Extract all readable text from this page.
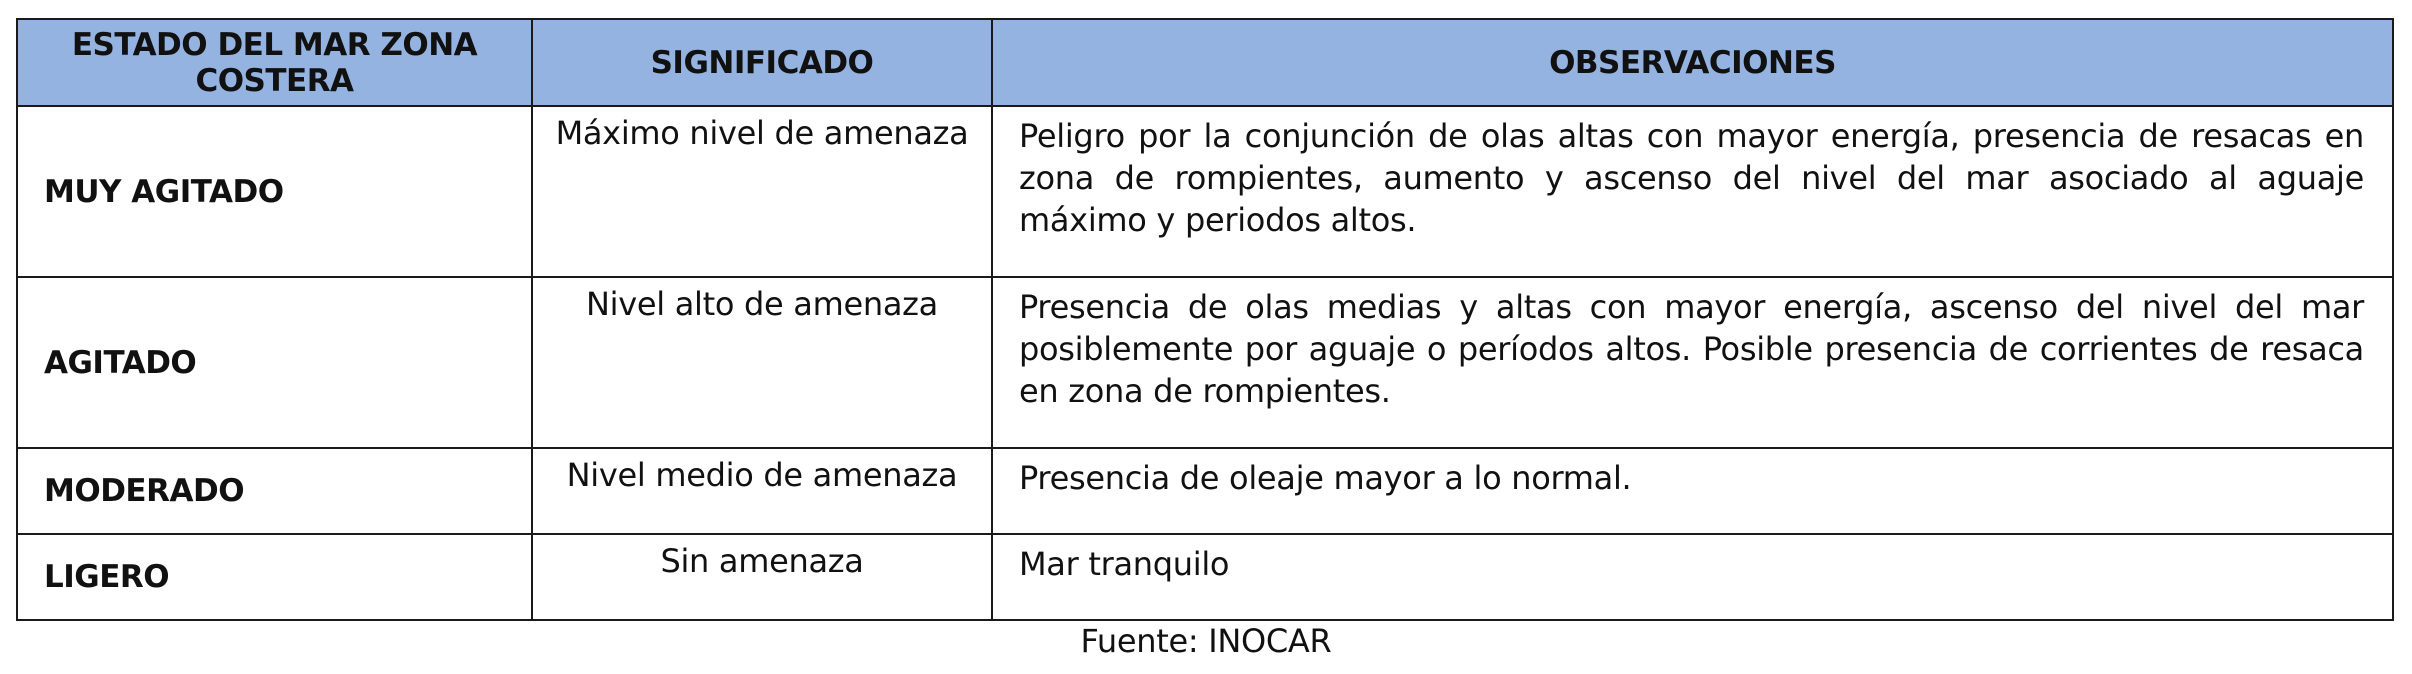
ESTADO DEL MAR ZONA COSTERA	SIGNIFICADO	OBSERVACIONES
MUY AGITADO	Máximo nivel de amenaza	Peligro por la conjunción de olas altas con mayor energía, presencia de resacas en zona de rompientes, aumento y ascenso del nivel del mar asociado al aguaje máximo y periodos altos.
AGITADO	Nivel alto de amenaza	Presencia de olas medias y altas con mayor energía, ascenso del nivel del mar posiblemente por aguaje o períodos altos. Posible presencia de corrientes de resaca en zona de rompientes.
MODERADO	Nivel medio de amenaza	Presencia de oleaje mayor a lo normal.
LIGERO	Sin amenaza	Mar tranquilo
Fuente: INOCAR
